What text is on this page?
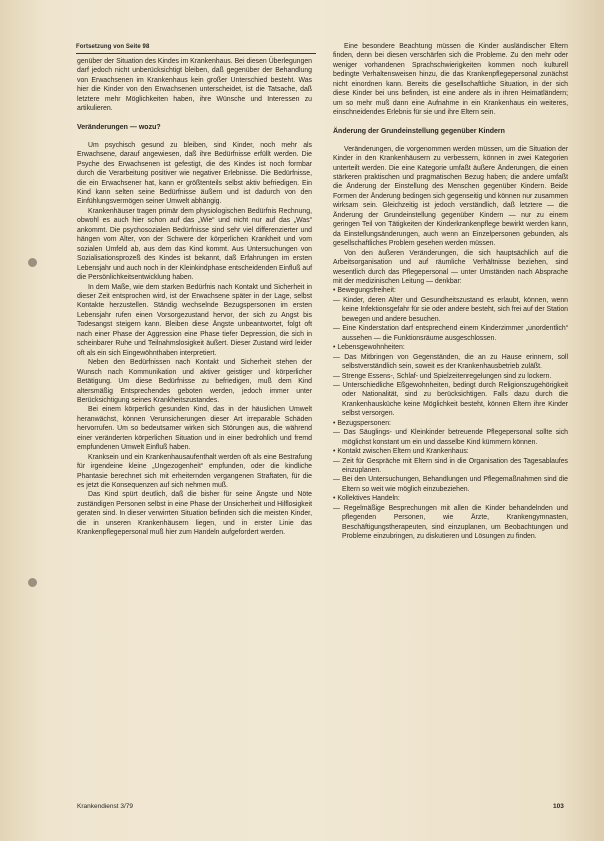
Fortsetzung von Seite 98

genüber der Situation des Kindes im Krankenhaus. Bei diesen Überlegungen darf jedoch nicht unberücksichtigt bleiben, daß gegenüber der Behandlung von Erwachsenen im Krankenhaus kein großer Unterschied besteht. Was hier die Kinder von den Erwachsenen unterscheidet, ist die Tatsache, daß letztere mehr Möglichkeiten haben, ihre Wünsche und Interessen zu artikulieren.

Veränderungen — wozu?

Um psychisch gesund zu bleiben, sind Kinder, noch mehr als Erwachsene, darauf angewiesen, daß ihre Bedürfnisse erfüllt werden. Die Psyche des Erwachsenen ist gefestigt, die des Kindes ist noch formbar durch die Verarbeitung positiver wie negativer Erlebnisse. Die Bedürfnisse, die ein Erwachsener hat, kann er größtenteils selbst aktiv befriedigen. Ein Kind kann selten seine Bedürfnisse äußern und ist dadurch von den Einfühlungsvermögen seiner Umwelt abhängig.

Krankenhäuser tragen primär dem physiologischen Bedürfnis Rechnung, obwohl es auch hier schon auf das „Wie“ und nicht nur auf das „Was“ ankommt. Die psychosozialen Bedürfnisse sind sehr viel differenzierter und hängen vom Alter, von der Schwere der körperlichen Krankheit und vom sozialen Umfeld ab, aus dem das Kind kommt. Aus Untersuchungen von Sozialisationsprozeß des Kindes ist bekannt, daß Erfahrungen im ersten Lebensjahr und auch noch in der Kleinkindphase entscheidenden Einfluß auf die Persönlichkeitsentwicklung haben.

In dem Maße, wie dem starken Bedürfnis nach Kontakt und Sicherheit in dieser Zeit entsprochen wird, ist der Erwachsene später in der Lage, selbst Kontakte herzustellen. Ständig wechselnde Bezugspersonen im ersten Lebensjahr rufen einen Vorsorgezustand hervor, der sich zu Angst bis Todesangst steigern kann. Bleiben diese Ängste unbeantwortet, folgt oft nach einer Phase der Aggression eine Phase tiefer Depression, die sich in scheinbarer Ruhe und Teilnahmslosigkeit äußert. Dieser Zustand wird leider oft als ein sich Eingewöhnthaben interpretiert.

Neben den Bedürfnissen nach Kontakt und Sicherheit stehen der Wunsch nach Kommunikation und aktiver geistiger und körperlicher Betätigung. Um diese Bedürfnisse zu befriedigen, muß dem Kind altersmäßig Entsprechendes geboten werden, jedoch immer unter Berücksichtigung seines Krankheitszustandes.

Bei einem körperlich gesunden Kind, das in der häuslichen Umwelt heranwächst, können Verunsicherungen dieser Art irreparable Schäden hervorrufen. Um so bedeutsamer wirken sich Störungen aus, die während einer veränderten körperlichen Situation und in einer bedrohlich und fremd empfundenen Umwelt Einfluß haben.

Kranksein und ein Krankenhausaufenthalt werden oft als eine Bestrafung für irgendeine kleine „Ungezogenheit“ empfunden, oder die kindliche Phantasie berechnet sich mit erheiternden vergangenen Straftaten, für die es jetzt die Konsequenzen auf sich nehmen muß.

Das Kind spürt deutlich, daß die bisher für seine Ängste und Nöte zuständigen Personen selbst in eine Phase der Unsicherheit und Hilflosigkeit geraten sind. In dieser verwirrten Situation befinden sich die meisten Kinder, die in unseren Krankenhäusern liegen, und in erster Linie das Krankenpflegepersonal muß hier zum Handeln aufgefordert werden.

Eine besondere Beachtung müssen die Kinder ausländischer Eltern finden, denn bei diesen verschärfen sich die Probleme. Zu den mehr oder weniger vorhandenen Sprachschwierigkeiten kommen noch kulturell bedingte Verhaltensweisen hinzu, die das Krankenpflegepersonal zunächst nicht einordnen kann. Bereits die gesellschaftliche Situation, in der sich diese Kinder bei uns befinden, ist eine andere als in ihren Heimatländern; um so mehr muß dann eine Aufnahme in ein Krankenhaus ein weiteres, einschneidendes Erlebnis für sie und ihre Eltern sein.

Änderung der Grundeinstellung gegenüber Kindern

Veränderungen, die vorgenommen werden müssen, um die Situation der Kinder in den Krankenhäusern zu verbessern, können in zwei Kategorien unterteilt werden. Die eine Kategorie umfaßt äußere Änderungen, die einen stärkeren praktischen und pragmatischen Bezug haben; die andere umfaßt die Änderung der Einstellung des Menschen gegenüber Kindern. Beide Formen der Änderung bedingen sich gegenseitig und können nur zusammen wirksam sein. Gleichzeitig ist jedoch verständlich, daß letztere — die Änderung der Grundeinstellung gegenüber Kindern — nur zu einem geringen Teil von Tätigkeiten der Kinderkrankenpflege bewirkt werden kann, da Einstellungsänderungen, auch wenn an Einzelpersonen gebunden, als gesellschaftliches Problem gesehen werden müssen.

Von den äußeren Veränderungen, die sich hauptsächlich auf die Arbeitsorganisation und auf räumliche Verhältnisse beziehen, sind wesentlich durch das Pflegepersonal — unter Umständen nach Absprache mit der medizinischen Leitung — denkbar:

• Bewegungsfreiheit:
— Kinder, deren Alter und Gesundheitszustand es erlaubt, können, wenn keine Infektionsgefahr für sie oder andere besteht, sich frei auf der Station bewegen und andere besuchen.
— Eine Kinderstation darf entsprechend einem Kinderzimmer „unordentlich“ aussehen — die Funktionsräume ausgeschlossen.
• Lebensgewohnheiten:
— Das Mitbringen von Gegenständen, die an zu Hause erinnern, soll selbstverständlich sein, soweit es der Krankenhausbetrieb zuläßt.
— Strenge Essens-, Schlaf- und Spielzeitenregelungen sind zu lockern.
— Unterschiedliche Eßgewohnheiten, bedingt durch Religionszugehörigkeit oder Nationalität, sind zu berücksichtigen. Falls dazu durch die Krankenhausküche keine Möglichkeit besteht, können Eltern ihre Kinder selbst versorgen.
• Bezugspersonen:
— Das Säuglings- und Kleinkinder betreuende Pflegepersonal sollte sich möglichst konstant um ein und dasselbe Kind kümmern können.
• Kontakt zwischen Eltern und Krankenhaus:
— Zeit für Gespräche mit Eltern sind in die Organisation des Tagesablaufes einzuplanen.
— Bei den Untersuchungen, Behandlungen und Pflegemaßnahmen sind die Eltern so weit wie möglich einzubeziehen.
• Kollektives Handeln:
— Regelmäßige Besprechungen mit allen die Kinder behandelnden und pflegenden Personen, wie Ärzte, Krankengymnasten, Beschäftigungstherapeuten, sind einzuplanen, um Beobachtungen und Probleme einzubringen, zu diskutieren und Lösungen zu finden.
Krankendienst 3/79	103
